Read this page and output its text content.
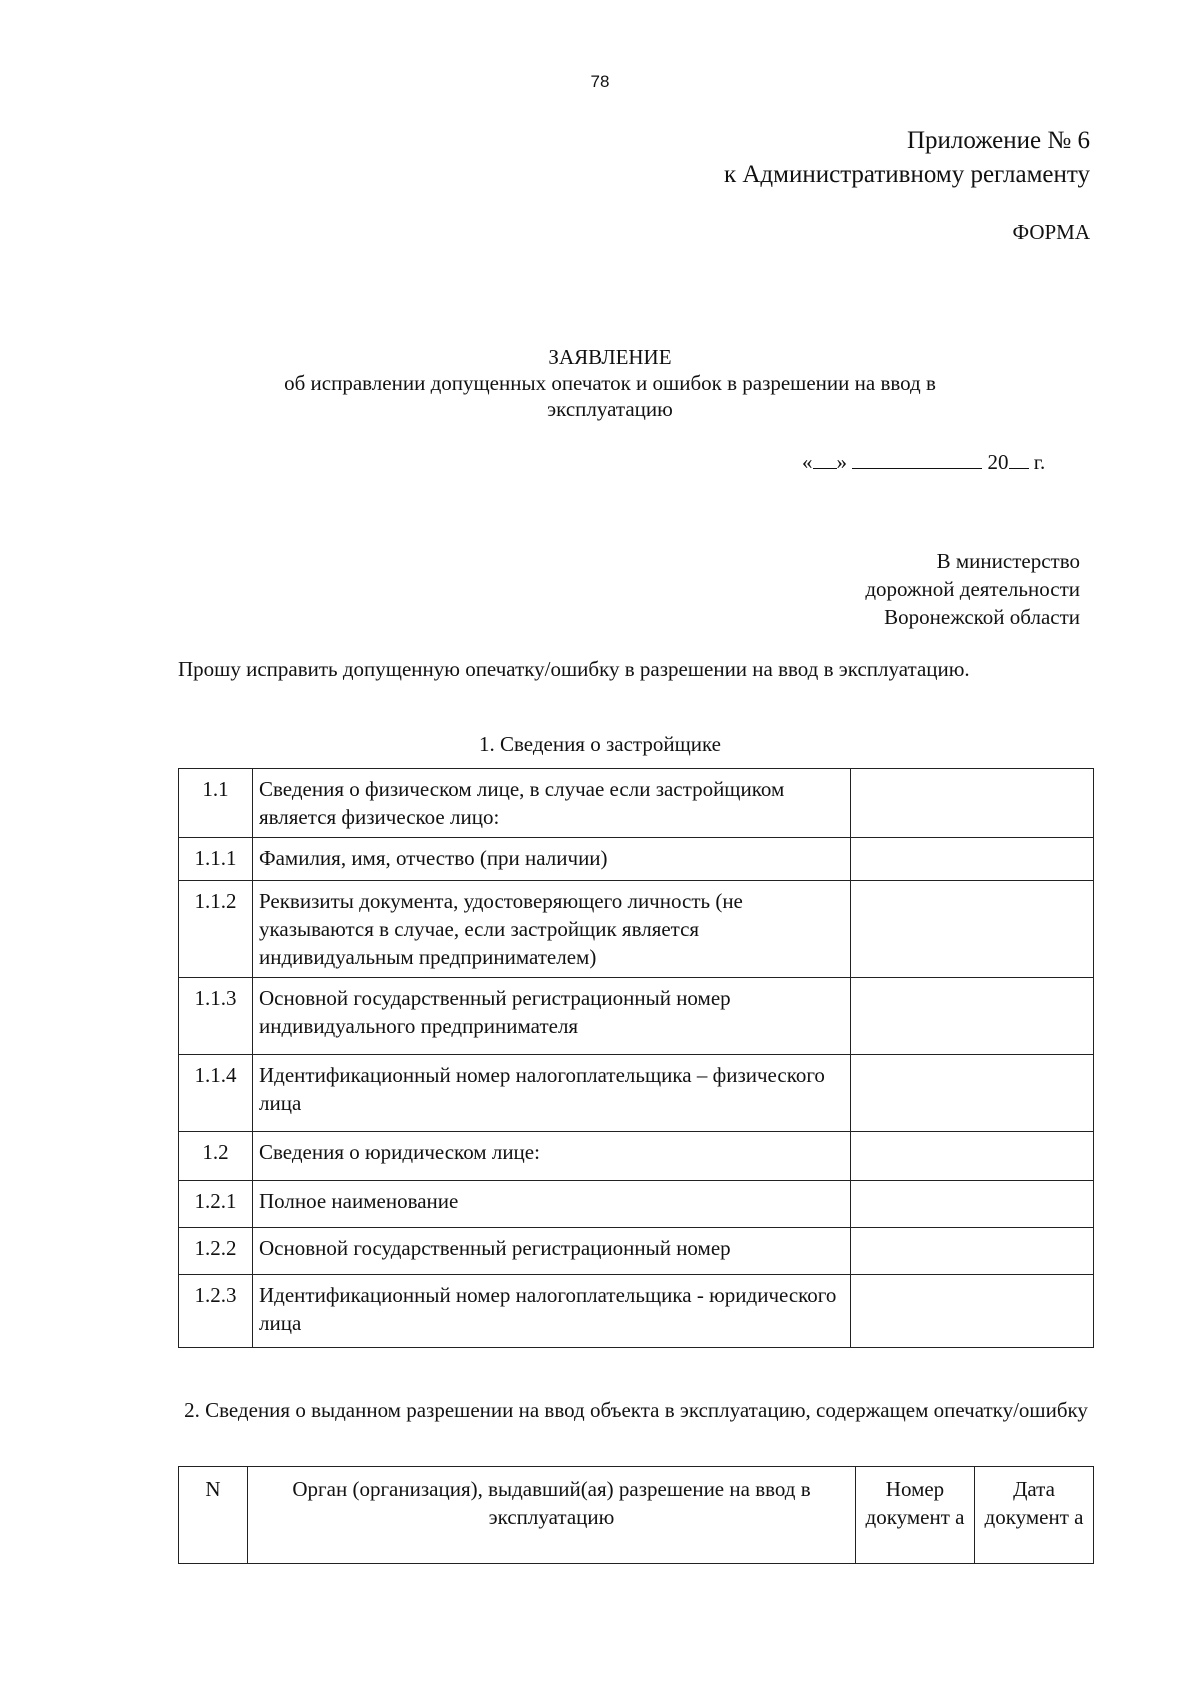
78
Приложение № 6
к Административному регламенту
ФОРМА
ЗАЯВЛЕНИЕ
об исправлении допущенных опечаток и ошибок в разрешении на ввод в эксплуатацию
« »	20 г.
В министерство
дорожной деятельности
Воронежской области
Прошу исправить допущенную опечатку/ошибку в разрешении на ввод в эксплуатацию.
1. Сведения о застройщике
1.1	Сведения о физическом лице, в случае если застройщиком является физическое лицо:	

1.1.1	Фамилия, имя, отчество (при наличии)	

1.1.2	Реквизиты документа, удостоверяющего личность (не указываются в случае, если застройщик является индивидуальным предпринимателем)	

1.1.3	Основной государственный регистрационный номер индивидуального предпринимателя	

1.1.4	Идентификационный номер налогоплательщика – физического лица	

1.2	Сведения о юридическом лице:	

1.2.1	Полное наименование	

1.2.2	Основной государственный регистрационный номер	

1.2.3	Идентификационный номер налогоплательщика - юридического лица	

2. Сведения о выданном разрешении на ввод объекта в эксплуатацию, содержащем опечатку/ошибку
N	Орган (организация), выдавший(ая) разрешение на ввод в эксплуатацию	Номер документ а	Дата документ а
